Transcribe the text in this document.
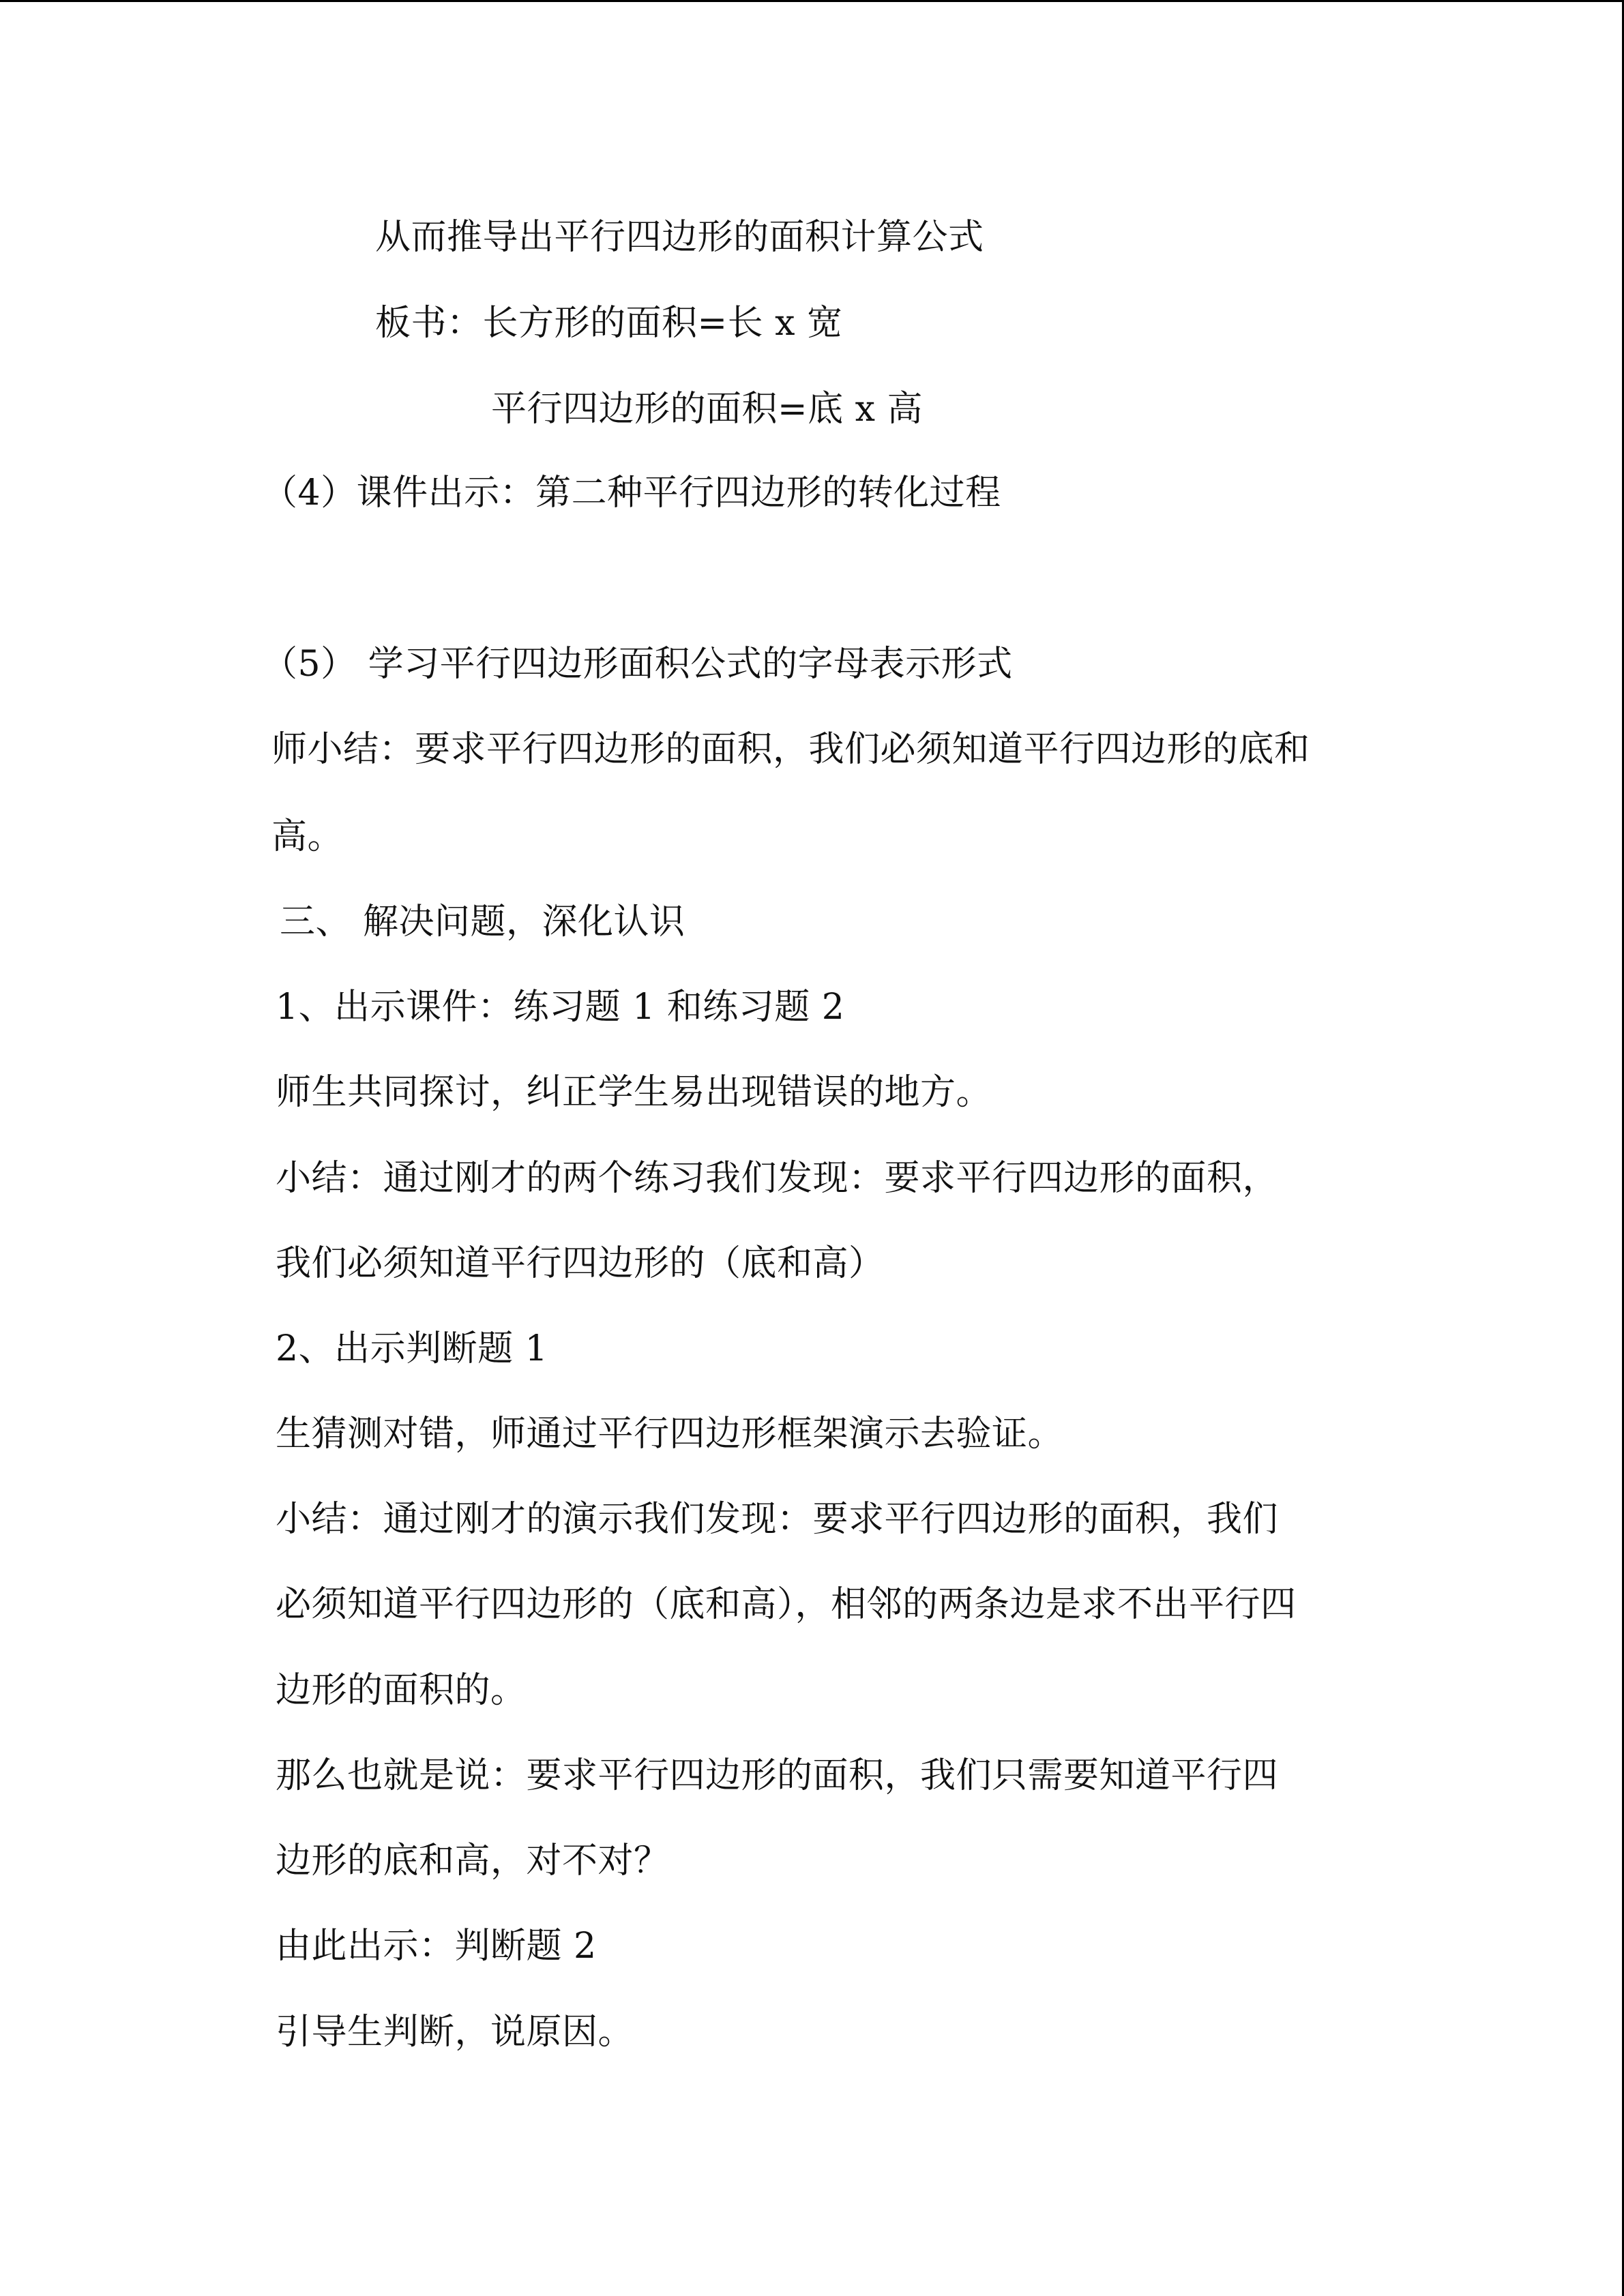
从而推导出平行四边形的面积计算公式
板书：长方形的面积=长 x 宽
平行四边形的面积=底 x 高
（4）课件出示：第二种平行四边形的转化过程
（5） 学习平行四边形面积公式的字母表示形式
师小结：要求平行四边形的面积，我们必须知道平行四边形的底和
高。
三、 解决问题，深化认识
1、出示课件：练习题 1 和练习题 2
师生共同探讨，纠正学生易出现错误的地方。
小结：通过刚才的两个练习我们发现：要求平行四边形的面积，
我们必须知道平行四边形的（底和高）
2、出示判断题 1
生猜测对错，师通过平行四边形框架演示去验证。
小结：通过刚才的演示我们发现：要求平行四边形的面积，我们
必须知道平行四边形的（底和高），相邻的两条边是求不出平行四
边形的面积的。
那么也就是说：要求平行四边形的面积，我们只需要知道平行四
边形的底和高，对不对？
由此出示：判断题 2
引导生判断，说原因。
